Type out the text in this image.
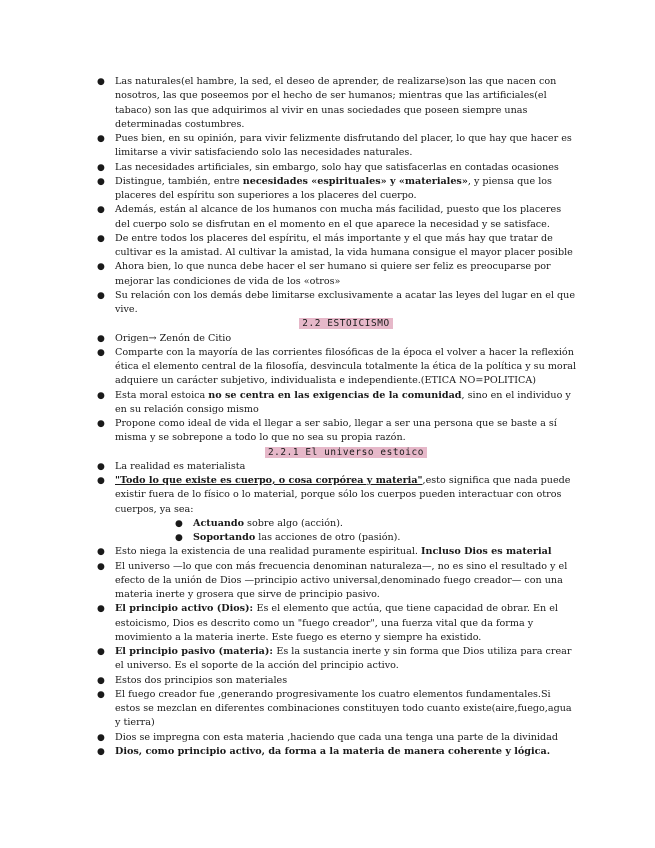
● Las naturales(el hambre, la sed, el deseo de aprender, de realizarse)son las que nacen con nosotros, las que poseemos por el hecho de ser humanos; mientras que las artificiales(el tabaco) son las que adquirimos al vivir en unas sociedades que poseen siempre unas determinadas costumbres.
● Pues bien, en su opinión, para vivir felizmente disfrutando del placer, lo que hay que hacer es limitarse a vivir satisfaciendo solo las necesidades naturales.
● Las necesidades artificiales, sin embargo, solo hay que satisfacerlas en contadas ocasiones
● Distingue, también, entre necesidades «espirituales» y «materiales», y piensa que los placeres del espíritu son superiores a los placeres del cuerpo.
● Además, están al alcance de los humanos con mucha más facilidad, puesto que los placeres del cuerpo solo se disfrutan en el momento en el que aparece la necesidad y se satisface.
● De entre todos los placeres del espíritu, el más importante y el que más hay que tratar de cultivar es la amistad. Al cultivar la amistad, la vida humana consigue el mayor placer posible
● Ahora bien, lo que nunca debe hacer el ser humano si quiere ser feliz es preocuparse por mejorar las condiciones de vida de los «otros»
● Su relación con los demás debe limitarse exclusivamente a acatar las leyes del lugar en el que vive.
2.2 ESTOICISMO
● Origen→ Zenón de Citio
● Comparte con la mayoría de las corrientes filosóficas de la época el volver a hacer la reflexión ética el elemento central de la filosofía, desvincula totalmente la ética de la política y su moral adquiere un carácter subjetivo, individualista e independiente.(ETICA NO=POLITICA)
● Esta moral estoica no se centra en las exigencias de la comunidad, sino en el individuo y en su relación consigo mismo
● Propone como ideal de vida el llegar a ser sabio, llegar a ser una persona que se baste a sí misma y se sobrepone a todo lo que no sea su propia razón.
2.2.1 El universo estoico
● La realidad es materialista
● "Todo lo que existe es cuerpo, o cosa corpórea y materia",esto significa que nada puede existir fuera de lo físico o lo material, porque sólo los cuerpos pueden interactuar con otros cuerpos, ya sea:
● Actuando sobre algo (acción).
● Soportando las acciones de otro (pasión).
● Esto niega la existencia de una realidad puramente espiritual. Incluso Dios es material
● El universo —lo que con más frecuencia denominan naturaleza—, no es sino el resultado y el efecto de la unión de Dios —principio activo universal,denominado fuego creador— con una materia inerte y grosera que sirve de principio pasivo.
● El principio activo (Dios): Es el elemento que actúa, que tiene capacidad de obrar. En el estoicismo, Dios es descrito como un "fuego creador", una fuerza vital que da forma y movimiento a la materia inerte. Este fuego es eterno y siempre ha existido.
● El principio pasivo (materia): Es la sustancia inerte y sin forma que Dios utiliza para crear el universo. Es el soporte de la acción del principio activo.
● Estos dos principios son materiales
● El fuego creador fue ,generando progresivamente los cuatro elementos fundamentales.Si estos se mezclan en diferentes combinaciones constituyen todo cuanto existe(aire,fuego,agua y tierra)
● Dios se impregna con esta materia ,haciendo que cada una tenga una parte de la divinidad
● Dios, como principio activo, da forma a la materia de manera coherente y lógica.
